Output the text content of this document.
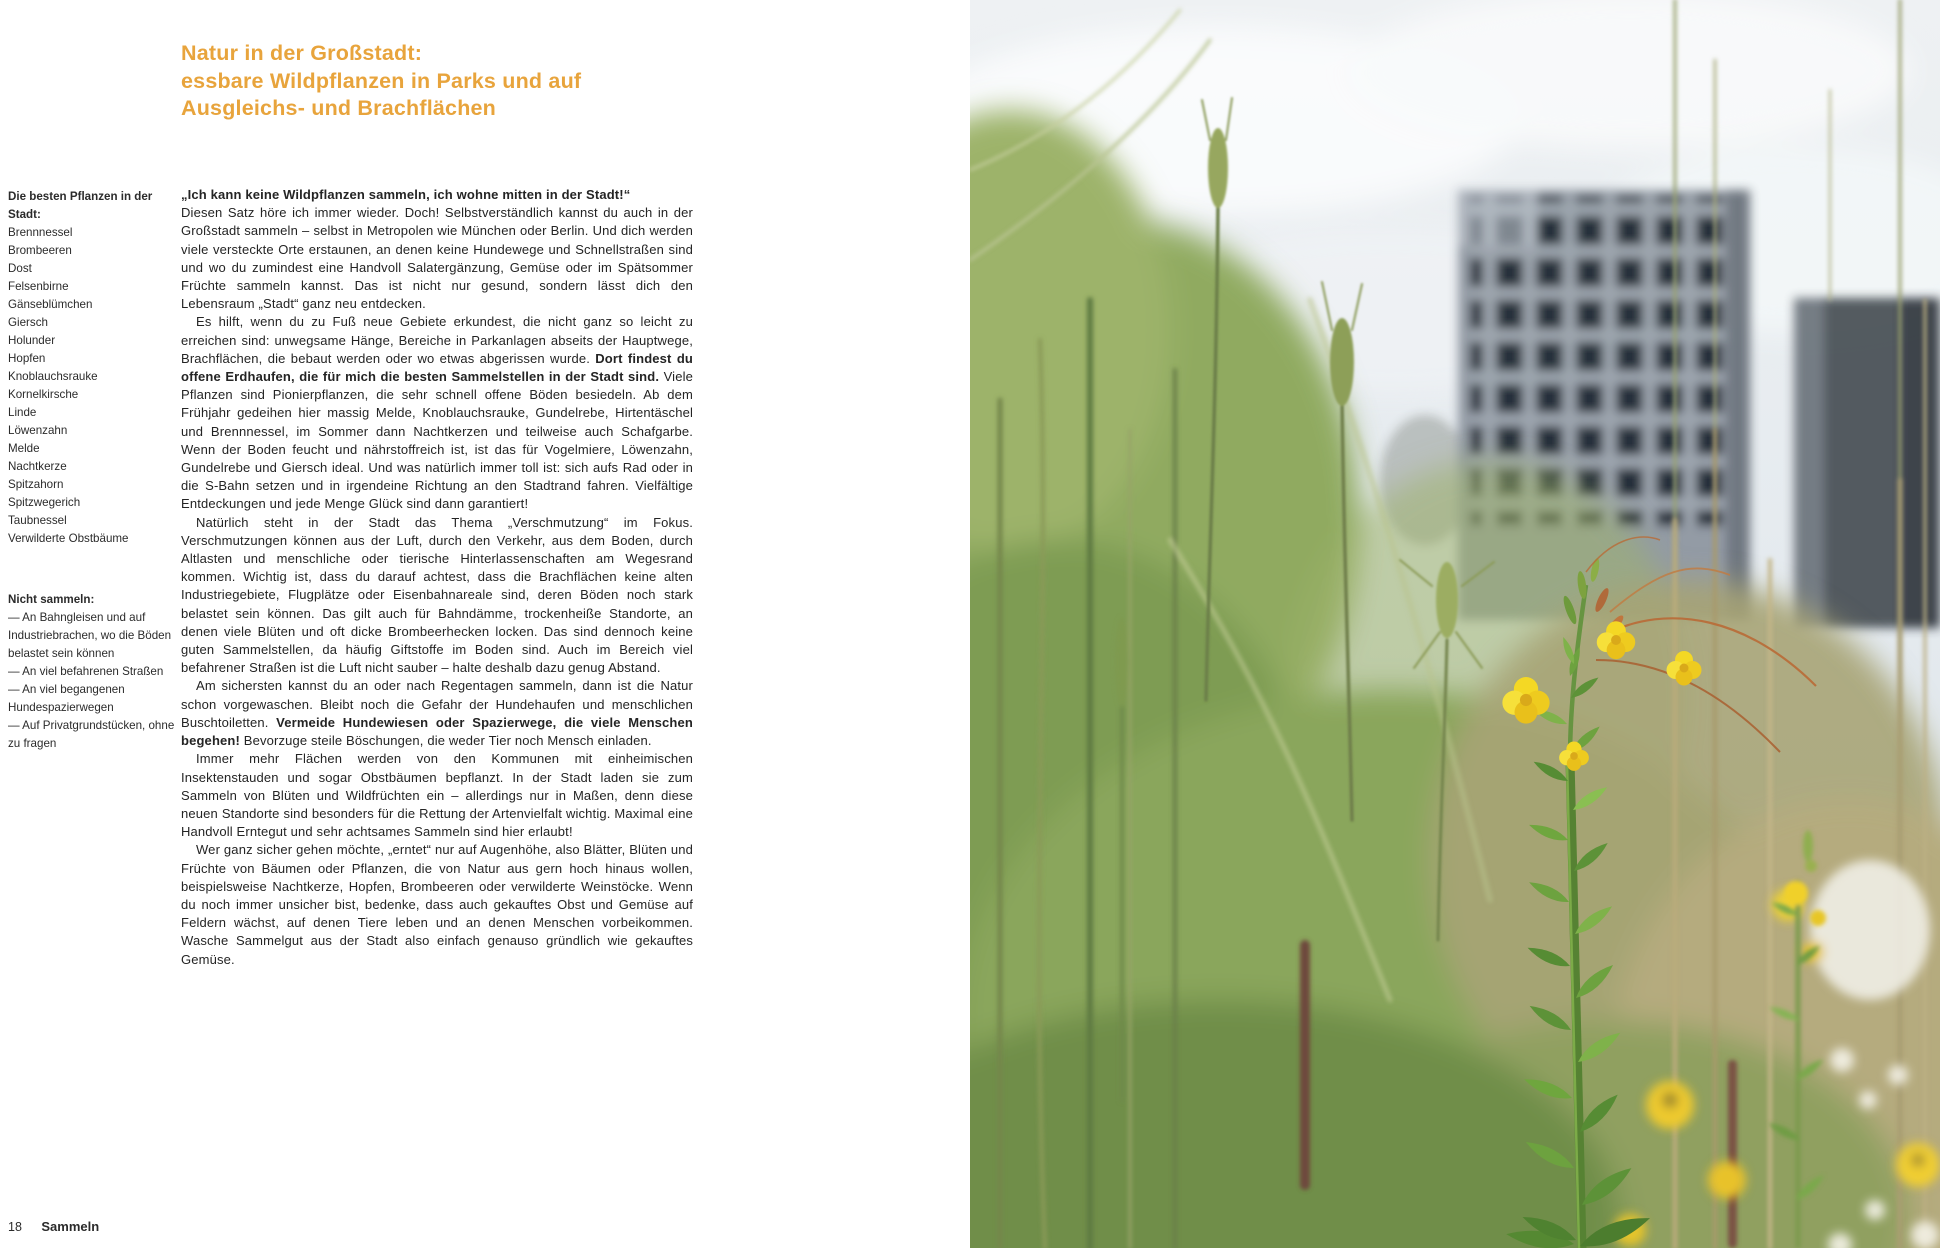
Natur in der Großstadt:
essbare Wildpflanzen in Parks und auf
Ausgleichs- und Brachflächen
Die besten Pflanzen in der Stadt:
Brennnessel
Brombeeren
Dost
Felsenbirne
Gänseblümchen
Giersch
Holunder
Hopfen
Knoblauchsrauke
Kornelkirsche
Linde
Löwenzahn
Melde
Nachtkerze
Spitzahorn
Spitzwegerich
Taubnessel
Verwilderte Obstbäume
Nicht sammeln:
— An Bahngleisen und auf Industriebrachen, wo die Böden belastet sein können
— An viel befahrenen Straßen
— An viel begangenen Hundespazierwegen
— Auf Privatgrundstücken, ohne zu fragen
„Ich kann keine Wildpflanzen sammeln, ich wohne mitten in der Stadt!“

Diesen Satz höre ich immer wieder. Doch! Selbstverständlich kannst du auch in der Großstadt sammeln – selbst in Metropolen wie München oder Berlin. Und dich werden viele versteckte Orte erstaunen, an denen keine Hundewege und Schnellstraßen sind und wo du zumindest eine Handvoll Salatergänzung, Gemüse oder im Spätsommer Früchte sammeln kannst. Das ist nicht nur gesund, sondern lässt dich den Lebensraum „Stadt“ ganz neu entdecken.

Es hilft, wenn du zu Fuß neue Gebiete erkundest, die nicht ganz so leicht zu erreichen sind: unwegsame Hänge, Bereiche in Parkanlagen abseits der Hauptwege, Brachflächen, die bebaut werden oder wo etwas abgerissen wurde. Dort findest du offene Erdhaufen, die für mich die besten Sammelstellen in der Stadt sind. Viele Pflanzen sind Pionierpflanzen, die sehr schnell offene Böden besiedeln. Ab dem Frühjahr gedeihen hier massig Melde, Knoblauchsrauke, Gundelrebe, Hirtentäschel und Brennnessel, im Sommer dann Nachtkerzen und teilweise auch Schafgarbe. Wenn der Boden feucht und nährstoffreich ist, ist das für Vogelmiere, Löwenzahn, Gundelrebe und Giersch ideal. Und was natürlich immer toll ist: sich aufs Rad oder in die S-Bahn setzen und in irgendeine Richtung an den Stadtrand fahren. Vielfältige Entdeckungen und jede Menge Glück sind dann garantiert!

Natürlich steht in der Stadt das Thema „Verschmutzung“ im Fokus. Verschmutzungen können aus der Luft, durch den Verkehr, aus dem Boden, durch Altlasten und menschliche oder tierische Hinterlassenschaften am Wegesrand kommen. Wichtig ist, dass du darauf achtest, dass die Brachflächen keine alten Industriegebiete, Flugplätze oder Eisenbahnareale sind, deren Böden noch stark belastet sein können. Das gilt auch für Bahndämme, trockenheiße Standorte, an denen viele Blüten und oft dicke Brombeerhecken locken. Das sind dennoch keine guten Sammelstellen, da häufig Giftstoffe im Boden sind. Auch im Bereich viel befahrener Straßen ist die Luft nicht sauber – halte deshalb dazu genug Abstand.

Am sichersten kannst du an oder nach Regentagen sammeln, dann ist die Natur schon vorgewaschen. Bleibt noch die Gefahr der Hundehaufen und menschlichen Buschtoiletten. Vermeide Hundewiesen oder Spazierwege, die viele Menschen begehen! Bevorzuge steile Böschungen, die weder Tier noch Mensch einladen.

Immer mehr Flächen werden von den Kommunen mit einheimischen Insektenstauden und sogar Obstbäumen bepflanzt. In der Stadt laden sie zum Sammeln von Blüten und Wildfrüchten ein – allerdings nur in Maßen, denn diese neuen Standorte sind besonders für die Rettung der Artenvielfalt wichtig. Maximal eine Handvoll Erntegut und sehr achtsames Sammeln sind hier erlaubt!

Wer ganz sicher gehen möchte, „erntet“ nur auf Augenhöhe, also Blätter, Blüten und Früchte von Bäumen oder Pflanzen, die von Natur aus gern hoch hinaus wollen, beispielsweise Nachtkerze, Hopfen, Brombeeren oder verwilderte Weinstöcke. Wenn du noch immer unsicher bist, bedenke, dass auch gekauftes Obst und Gemüse auf Feldern wächst, auf denen Tiere leben und an denen Menschen vorbeikommen. Wasche Sammelgut aus der Stadt also einfach genauso gründlich wie gekauftes Gemüse.

18 Sammeln
